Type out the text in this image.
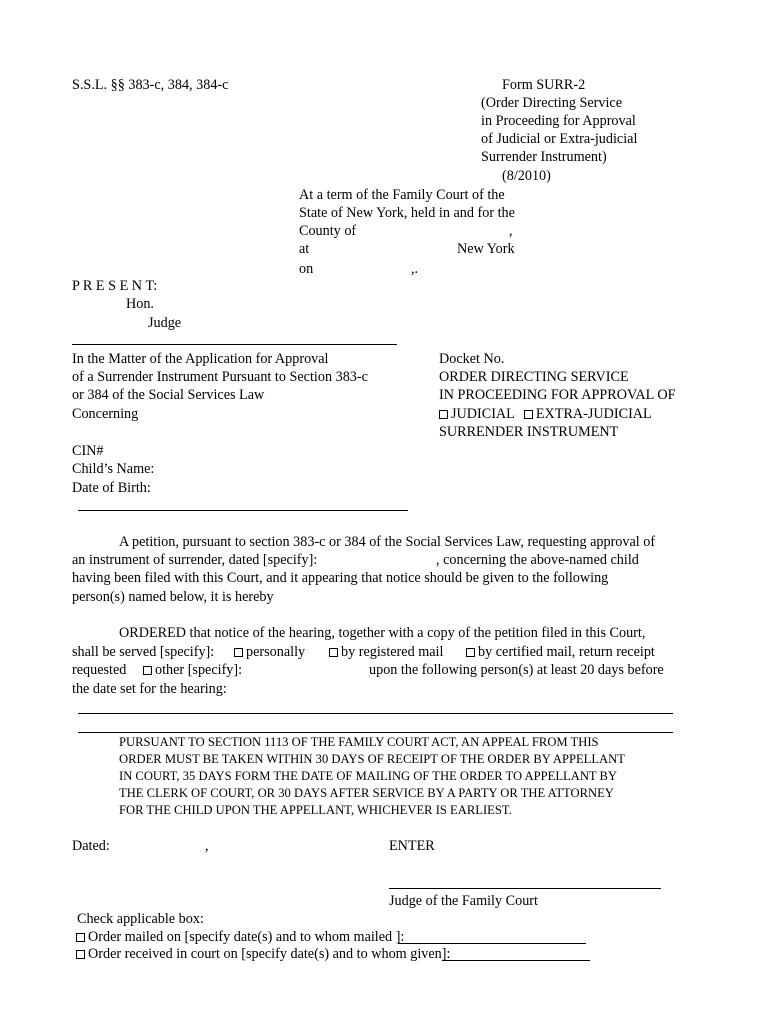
S.S.L. §§ 383-c, 384, 384-c	Form SURR-2
(Order Directing Service
in Proceeding for Approval
of Judicial or Extra-judicial
Surrender Instrument)
(8/2010)
At a term of the Family Court of the
State of New York, held in and for the
County of	,
at	New York
on	,.
P R E S E N T:
Hon.
Judge
In the Matter of the Application for Approval
of a Surrender Instrument Pursuant to Section 383-c
or 384 of the Social Services Law
Concerning
CIN#
Child’s Name:
Date of Birth:
Docket No.
ORDER DIRECTING SERVICE
IN PROCEEDING FOR APPROVAL OF
JUDICIAL EXTRA-JUDICIAL
SURRENDER INSTRUMENT
A petition, pursuant to section 383-c or 384 of the Social Services Law, requesting approval of
an instrument of surrender, dated [specify]:	, concerning the above-named child
having been filed with this Court, and it appearing that notice should be given to the following
person(s) named below, it is hereby
ORDERED that notice of the hearing, together with a copy of the petition filed in this Court,
shall be served [specify]:	personally	by registered mail	by certified mail, return receipt
requested	other [specify]:	upon the following person(s) at least 20 days before
the date set for the hearing:
PURSUANT TO SECTION 1113 OF THE FAMILY COURT ACT, AN APPEAL FROM THIS
ORDER MUST BE TAKEN WITHIN 30 DAYS OF RECEIPT OF THE ORDER BY APPELLANT
IN COURT, 35 DAYS FORM THE DATE OF MAILING OF THE ORDER TO APPELLANT BY
THE CLERK OF COURT, OR 30 DAYS AFTER SERVICE BY A PARTY OR THE ATTORNEY
FOR THE CHILD UPON THE APPELLANT, WHICHEVER IS EARLIEST.
Dated:	,	ENTER
Judge of the Family Court
Check applicable box:
Order mailed on [specify date(s) and to whom mailed ]:
Order received in court on [specify date(s) and to whom given]:
